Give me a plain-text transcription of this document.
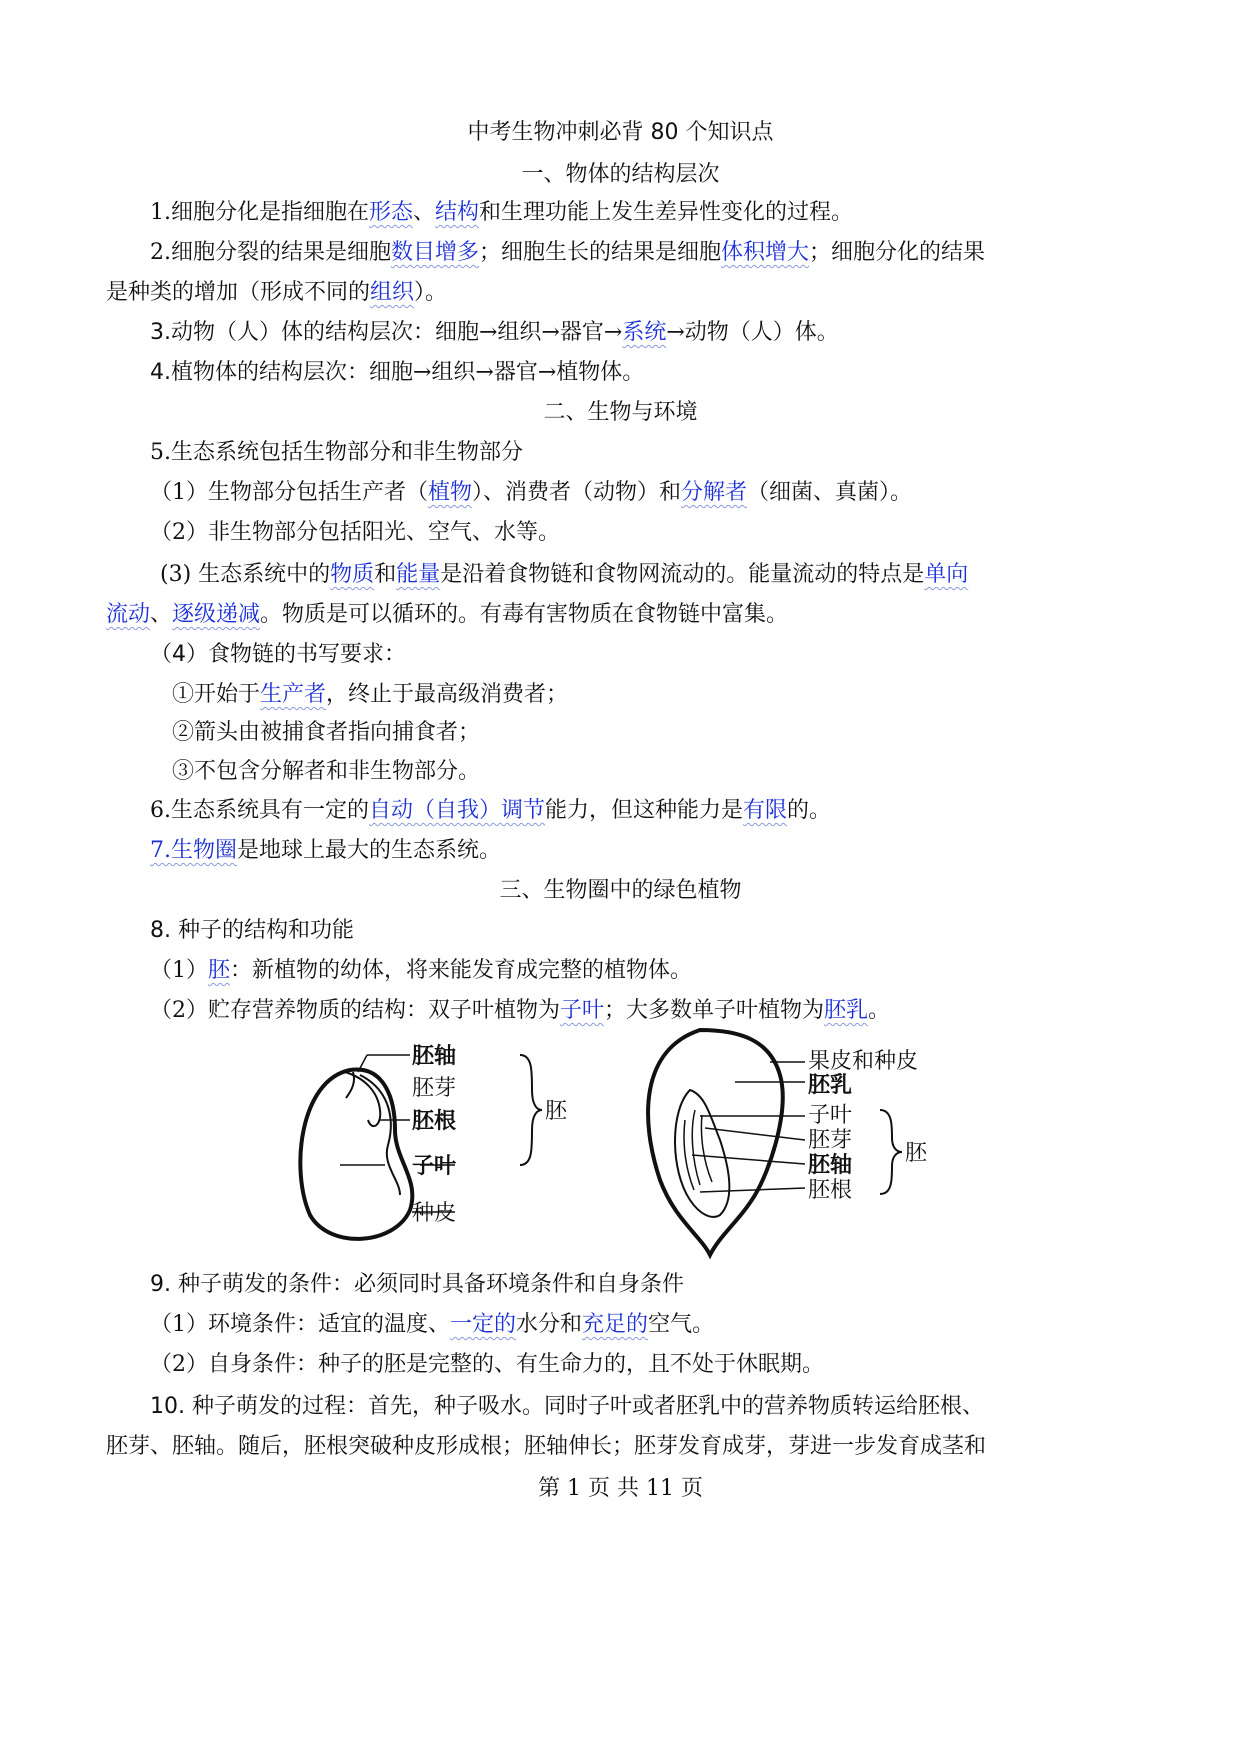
中考生物冲刺必背 80 个知识点
一、物体的结构层次
1.细胞分化是指细胞在形态、结构和生理功能上发生差异性变化的过程。
2.细胞分裂的结果是细胞数目增多；细胞生长的结果是细胞体积增大；细胞分化的结果
是种类的增加（形成不同的组织）。
3.动物（人）体的结构层次：细胞→组织→器官→系统→动物（人）体。
4.植物体的结构层次：细胞→组织→器官→植物体。
二、生物与环境
5.生态系统包括生物部分和非生物部分
（1）生物部分包括生产者（植物）、消费者（动物）和分解者（细菌、真菌）。
（2）非生物部分包括阳光、空气、水等。
(3) 生态系统中的物质和能量是沿着食物链和食物网流动的。能量流动的特点是单向
流动、逐级递减。物质是可以循环的。有毒有害物质在食物链中富集。
（4）食物链的书写要求：
①开始于生产者，终止于最高级消费者；
②箭头由被捕食者指向捕食者；
③不包含分解者和非生物部分。
6.生态系统具有一定的自动（自我）调节能力，但这种能力是有限的。
7.生物圈是地球上最大的生态系统。
三、生物圈中的绿色植物
8. 种子的结构和功能
（1）胚：新植物的幼体，将来能发育成完整的植物体。
（2）贮存营养物质的结构：双子叶植物为子叶；大多数单子叶植物为胚乳。
胚轴
胚芽
胚根
子叶
种皮
胚
果皮和种皮
胚乳
子叶
胚芽
胚轴
胚根
胚
9. 种子萌发的条件：必须同时具备环境条件和自身条件
（1）环境条件：适宜的温度、一定的水分和充足的空气。
（2）自身条件：种子的胚是完整的、有生命力的，且不处于休眠期。
10. 种子萌发的过程：首先，种子吸水。同时子叶或者胚乳中的营养物质转运给胚根、
胚芽、胚轴。随后，胚根突破种皮形成根；胚轴伸长；胚芽发育成芽，芽进一步发育成茎和
第 1 页 共 11 页
